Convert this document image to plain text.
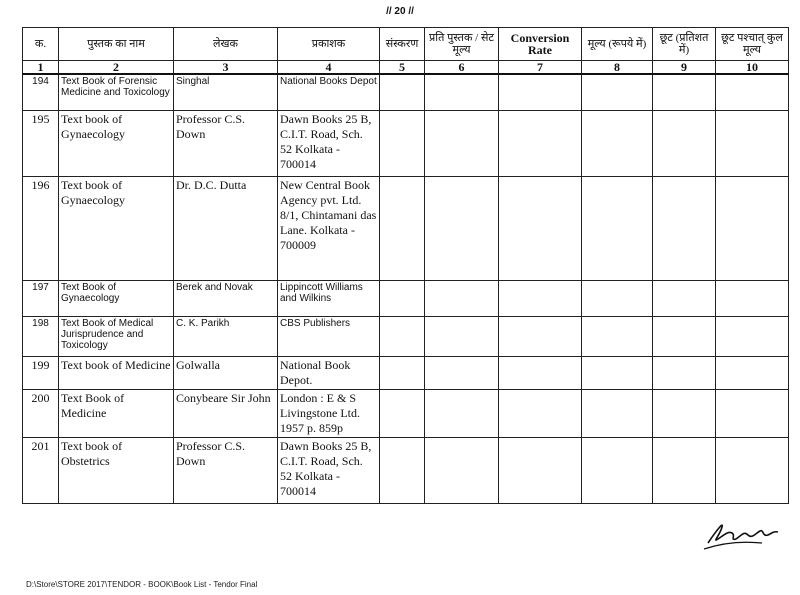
// 20 //
क.	पुस्तक का नाम	लेखक	प्रकाशक	संस्करण	प्रति पुस्तक / सेट मूल्य	Conversion Rate	मूल्य (रूपये में)	छूट (प्रतिशत में)	छूट पश्चात् कुल मूल्य
1	2	3	4	5	6	7	8	9	10
194	Text Book of Forensic Medicine and Toxicology	Singhal	National Books Depot						
195	Text book of Gynaecology	Professor C.S. Down	Dawn Books 25 B, C.I.T. Road, Sch. 52 Kolkata - 700014						
196	Text book of Gynaecology	Dr. D.C. Dutta	New Central Book Agency pvt. Ltd. 8/1, Chintamani das Lane. Kolkata - 700009						
197	Text Book of Gynaecology	Berek and Novak	Lippincott Williams and Wilkins						
198	Text Book of Medical Jurisprudence and Toxicology	C. K. Parikh	CBS Publishers						
199	Text book of Medicine	Golwalla	National Book Depot.						
200	Text Book of Medicine	Conybeare Sir John	London : E & S Livingstone Ltd. 1957 p. 859p						
201	Text book of Obstetrics	Professor C.S. Down	Dawn Books 25 B, C.I.T. Road, Sch. 52 Kolkata - 700014						
D:\Store\STORE 2017\TENDOR - BOOK\Book List - Tendor Final
